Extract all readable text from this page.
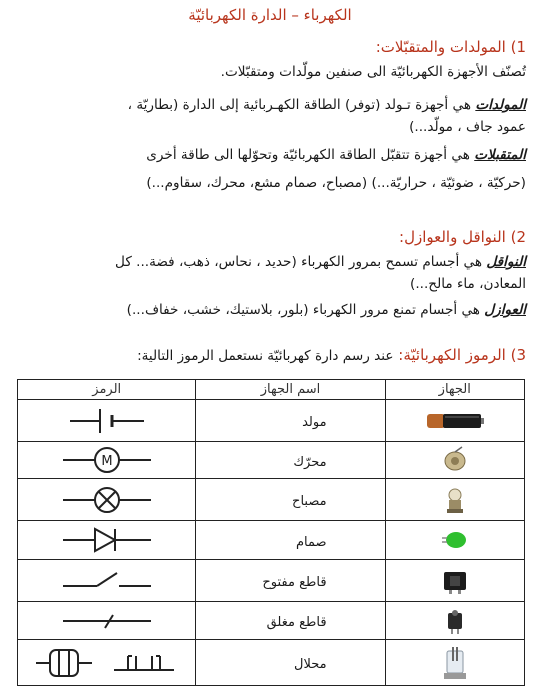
الكهرباء – الدارة الكهربائيّة
1) المولدات والمتقبّلات:
تُصنّف الأجهزة الكهربائيّة الى صنفين مولّدات ومتقبّلات.
المولدات هي أجهزة تـولد (توفر) الطاقة الكهـربائية إلى الدارة (بطاريّة ،
عمود جاف ، مولّد...)
المتقبلات هي أجهزة تتقبّل الطاقة الكهربائيّة وتحوّلها الى طاقة أخرى
(حركيّة ، ضوئيّة ، حراريّة...) (مصباح، صمام مشع، محرك، سقاوم...)
2) النواقل والعوازل:
النواقل هي أجسام تسمح بمرور الكهرباء (حديد ، نحاس، ذهب، فضة... كل
المعادن، ماء مالح...)
العوازل هي أجسام تمنع مرور الكهرباء (بلور، بلاستيك، خشب، خفاف...)
3) الرموز الكهربائيّة: عند رسم دارة كهربائيّة نستعمل الرموز التالية:
الجهاز	اسم الجهاز	الرمز

	مولد	

	محرّك	M

	مصباح	

	صمام	

	قاطع مفتوح	

	قاطع مغلق	

	محلال	
